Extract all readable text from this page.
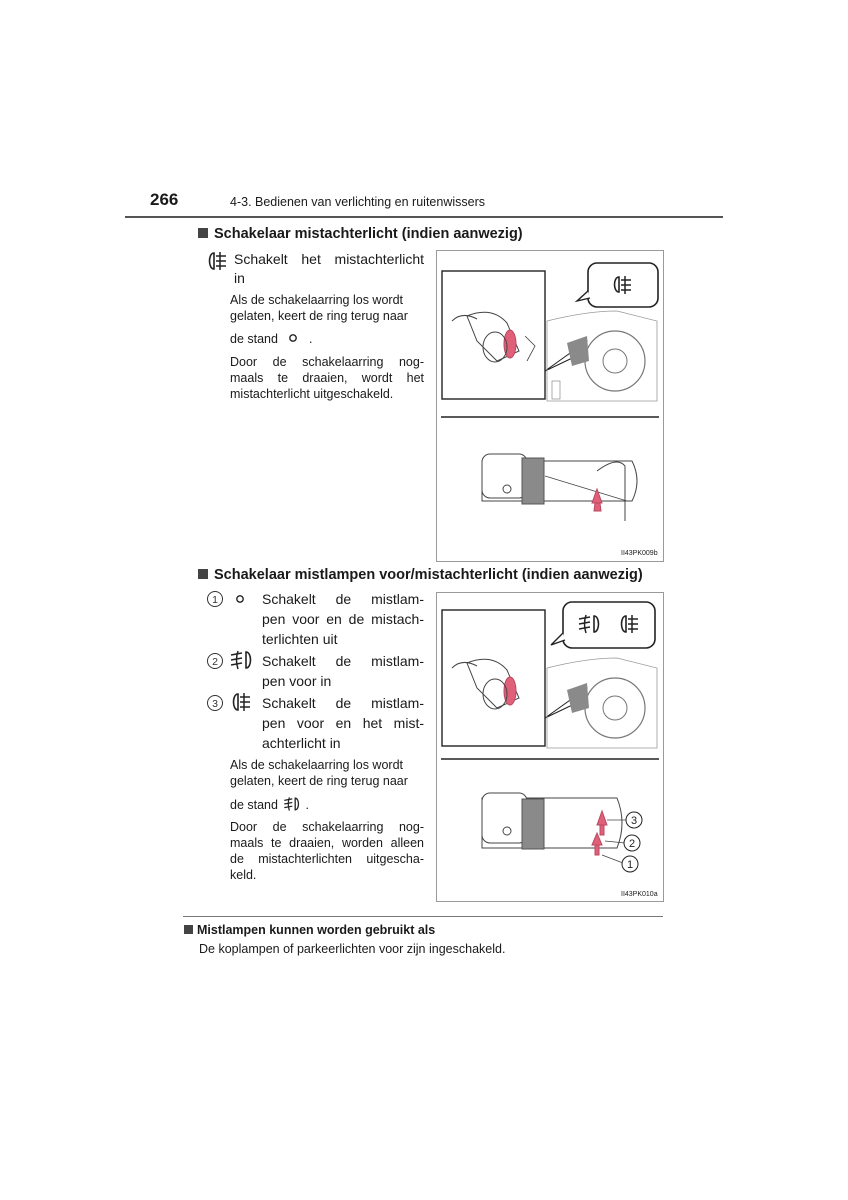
266	4-3. Bedienen van verlichting en ruitenwissers
Schakelaar mistachterlicht (indien aanwezig)
Schakelt het mistachterlicht
in
Als de schakelaarring los wordt
gelaten, keert de ring terug naar
de stand .
Door de schakelaarring nog-
maals te draaien, wordt het
mistachterlicht uitgeschakeld.
II43PK009b
Schakelaar mistlampen voor/mistachterlicht (indien aanwezig)
1	Schakelt de mistlam-
pen voor en de mistach-
terlichten uit
2	Schakelt de mistlam-
pen voor in
3	Schakelt de mistlam-
pen voor en het mist-
achterlicht in
Als de schakelaarring los wordt
gelaten, keert de ring terug naar
de stand .
Door de schakelaarring nog-
maals te draaien, worden alleen
de mistachterlichten uitgescha-
keld.
3
2
1
II43PK010a
Mistlampen kunnen worden gebruikt als
De koplampen of parkeerlichten voor zijn ingeschakeld.
